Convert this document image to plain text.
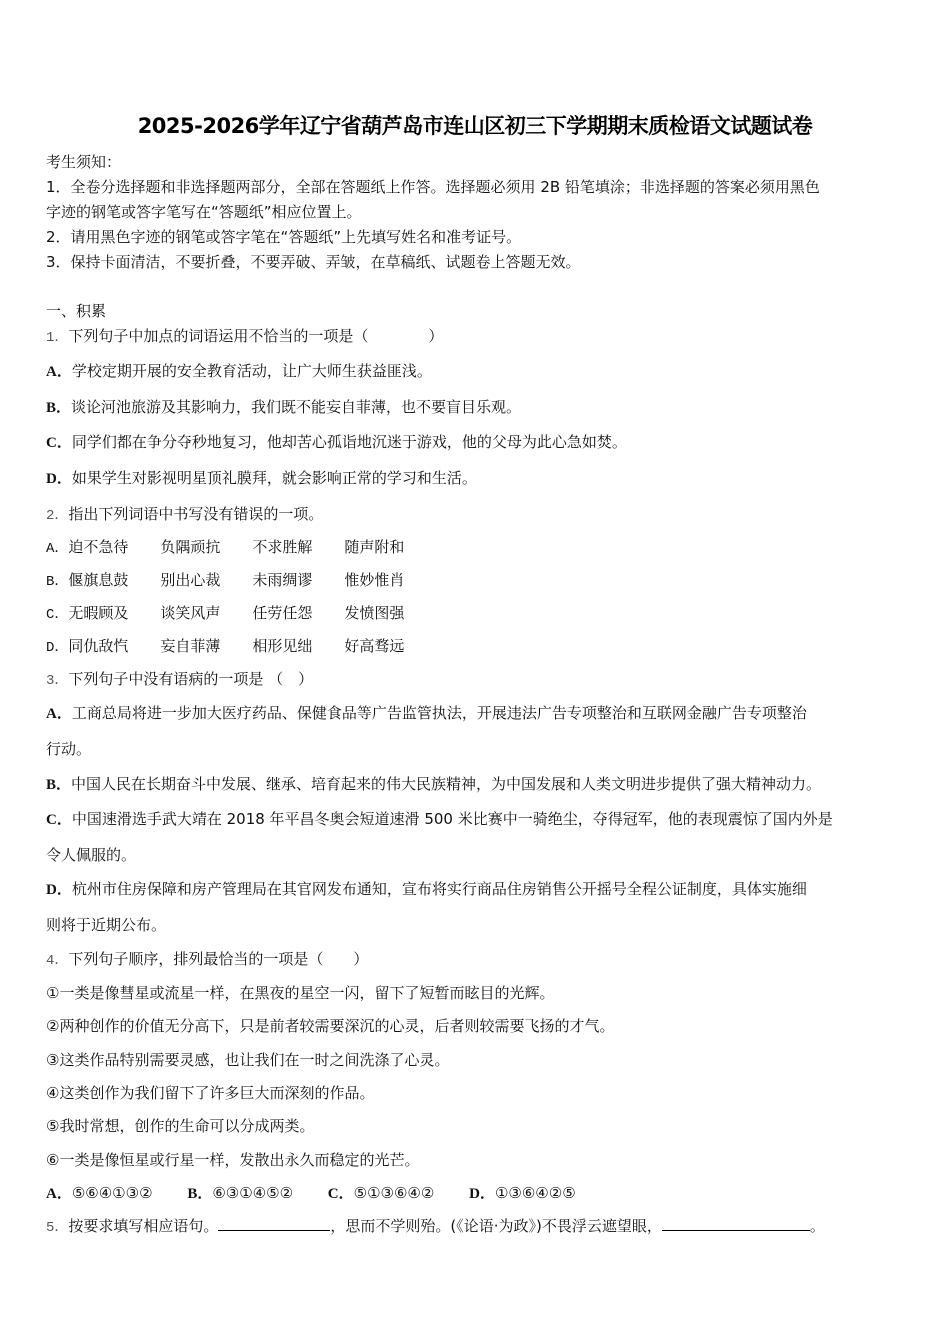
2025-2026学年辽宁省葫芦岛市连山区初三下学期期末质检语文试题试卷
考生须知：
1．全卷分选择题和非选择题两部分，全部在答题纸上作答。选择题必须用 2B 铅笔填涂；非选择题的答案必须用黑色
字迹的钢笔或答字笔写在“答题纸”相应位置上。
2．请用黑色字迹的钢笔或答字笔在“答题纸”上先填写姓名和准考证号。
3．保持卡面清洁，不要折叠，不要弄破、弄皱，在草稿纸、试题卷上答题无效。
一、积累
1．下列句子中加点的词语运用不恰当的一项是（　　　　）
A．学校定期开展的安全教育活动，让广大师生获益匪浅。
B．谈论河池旅游及其影响力，我们既不能妄自菲薄，也不要盲目乐观。
C．同学们都在争分夺秒地复习，他却苦心孤诣地沉迷于游戏，他的父母为此心急如焚。
D．如果学生对影视明星顶礼膜拜，就会影响正常的学习和生活。
2．指出下列词语中书写没有错误的一项。
A．迫不急待 负隅顽抗 不求胜解 随声附和
B．偃旗息鼓 别出心裁 未雨绸谬 惟妙惟肖
C．无暇顾及 谈笑风声 任劳任怨 发愤图强
D．同仇敌忾 妄自菲薄 相形见绌 好高骛远
3．下列句子中没有语病的一项是 （　）
A．工商总局将进一步加大医疗药品、保健食品等广告监管执法，开展违法广告专项整治和互联网金融广告专项整治
行动。
B．中国人民在长期奋斗中发展、继承、培育起来的伟大民族精神，为中国发展和人类文明进步提供了强大精神动力。
C．中国速滑选手武大靖在 2018 年平昌冬奥会短道速滑 500 米比赛中一骑绝尘，夺得冠军，他的表现震惊了国内外是
令人佩服的。
D．杭州市住房保障和房产管理局在其官网发布通知，宣布将实行商品住房销售公开摇号全程公证制度，具体实施细
则将于近期公布。
4．下列句子顺序，排列最恰当的一项是（　　）
①一类是像彗星或流星一样，在黑夜的星空一闪，留下了短暂而眩目的光辉。
②两种创作的价值无分高下，只是前者较需要深沉的心灵，后者则较需要飞扬的才气。
③这类作品特别需要灵感，也让我们在一时之间洗涤了心灵。
④这类创作为我们留下了许多巨大而深刻的作品。
⑤我时常想，创作的生命可以分成两类。
⑥一类是像恒星或行星一样，发散出永久而稳定的光芒。
A．⑤⑥④①③② B．⑥③①④⑤② C．⑤①③⑥④② D．①③⑥④②⑤
5．按要求填写相应语句。	，思而不学则殆。(《论语·为政》)不畏浮云遮望眼，	。
